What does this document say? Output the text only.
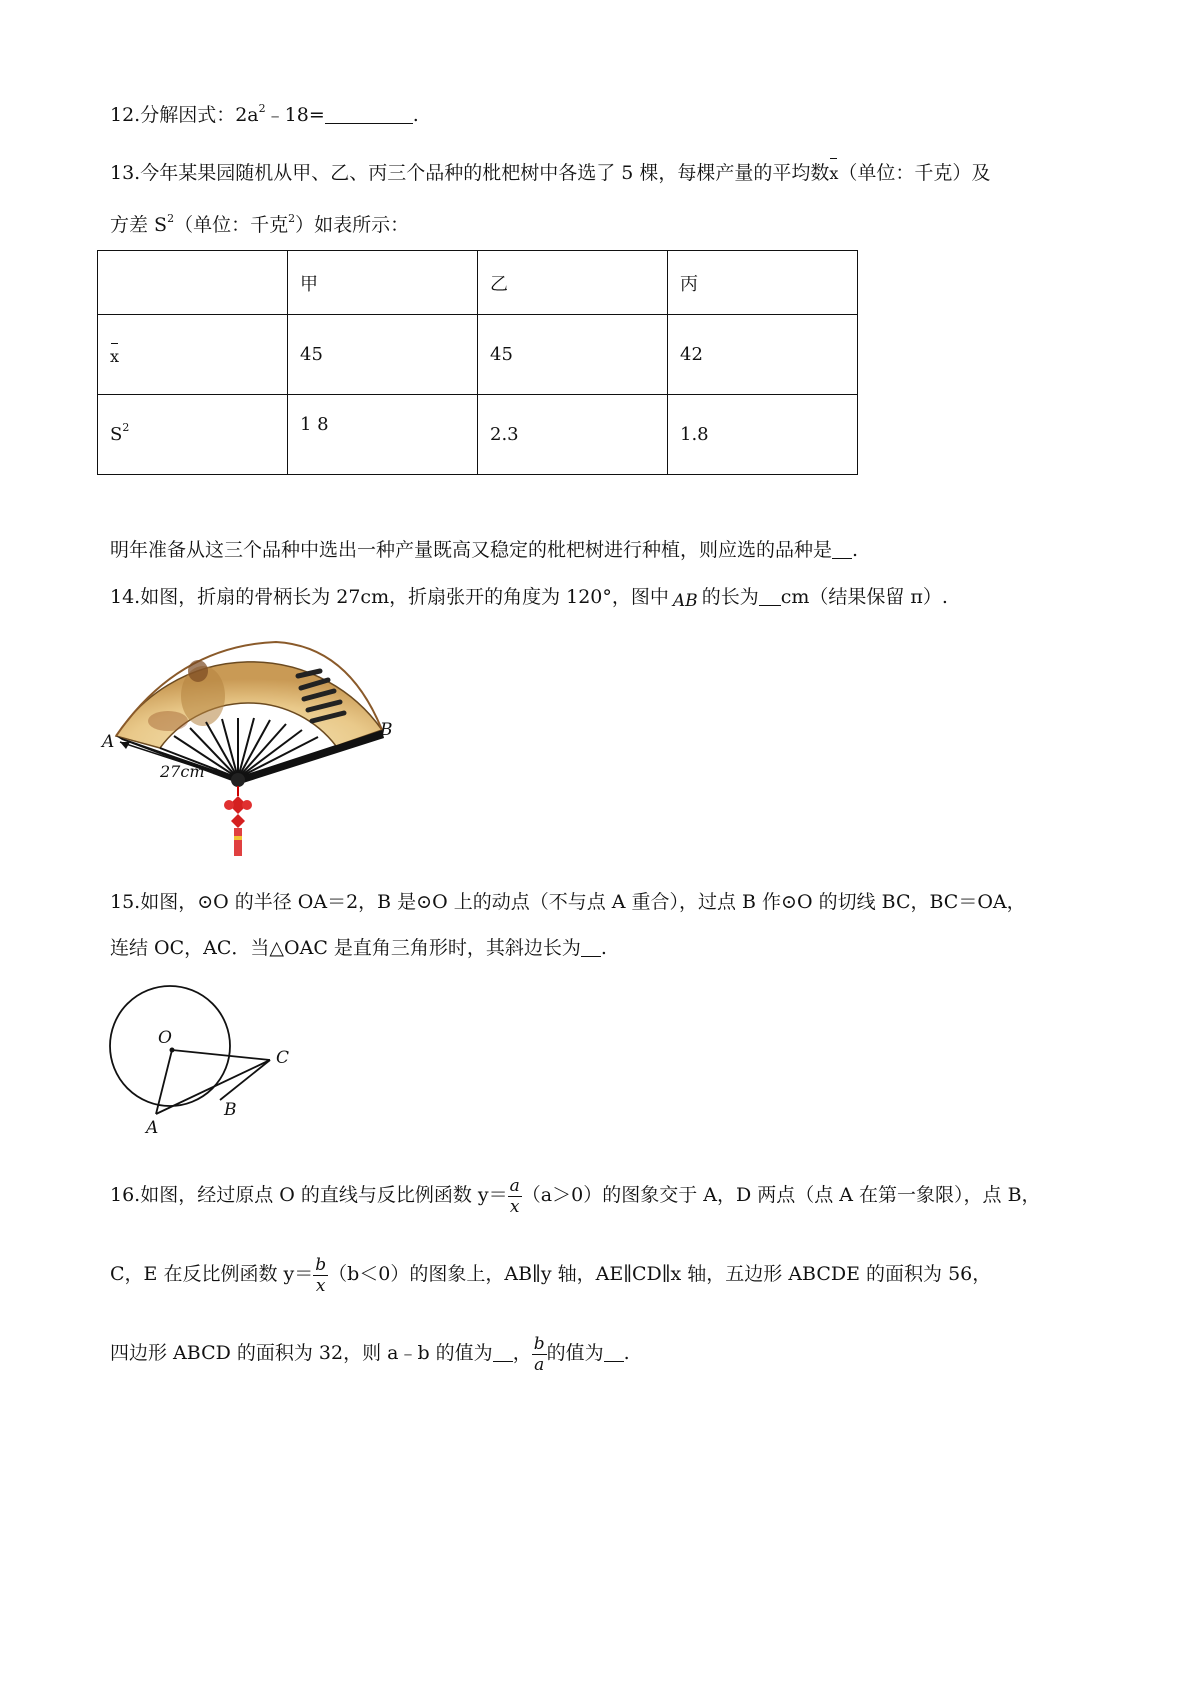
12.分解因式：$2a^2﹣18=$	.
13.今年某果园随机从甲、乙、丙三个品种的枇杷树中各选了 5 棵，每棵产量的平均数x（单位：千克）及
方差 $S^2$（单位：千克$^2$）如表所示：
	甲	乙	丙
x	45	45	42
$S^2$	1 8	2.3	1.8
明年准备从这三个品种中选出一种产量既高又稳定的枇杷树进行种植，则应选的品种是 .
14.如图，折扇的骨柄长为 27cm，折扇张开的角度为 120°，图中 AB 的长为 cm（结果保留 π）.
A
B
27cm
15.如图，⊙O 的半径 OA＝2，B 是⊙O 上的动点（不与点 A 重合），过点 B 作⊙O 的切线 BC，BC＝OA，
连结 OC，AC．当△OAC 是直角三角形时，其斜边长为 .
O
C
B
A
16.如图，经过原点 O 的直线与反比例函数 $y= \frac{a}{x} (a>0)$的图象交于 A，D 两点（点 A 在第一象限），点 B，
C，E 在反比例函数 $y= \frac{b}{x} (b<0)$的图象上，AB∥y 轴，AE∥CD∥x 轴，五边形 ABCDE 的面积为 56，
四边形 ABCD 的面积为 32，则 a﹣b 的值为 ， $\frac{b}{a}$ 的值为 .
